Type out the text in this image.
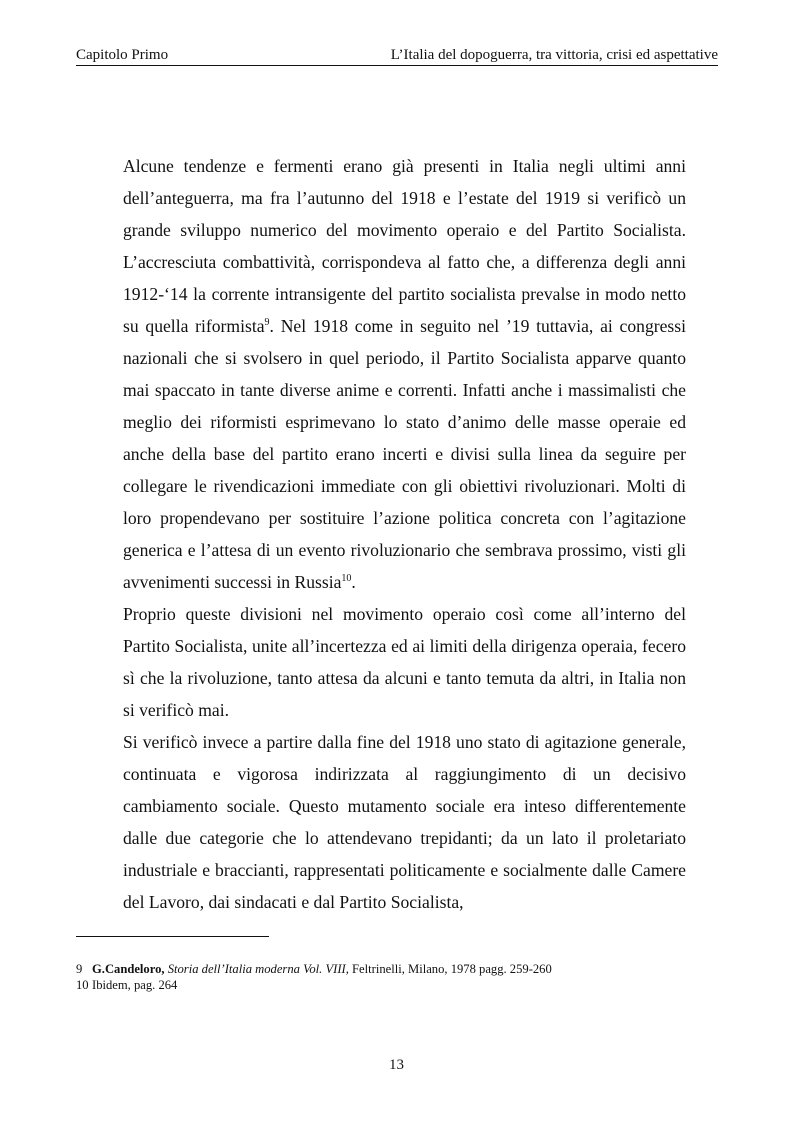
Capitolo Primo	L’Italia del dopoguerra, tra vittoria, crisi ed aspettative

Alcune tendenze e fermenti erano già presenti in Italia negli ultimi anni dell’anteguerra, ma fra l’autunno del 1918 e l’estate del 1919 si verificò un grande sviluppo numerico del movimento operaio e del Partito Socialista. L’accresciuta combattività, corrispondeva al fatto che, a differenza degli anni 1912-‘14 la corrente intransigente del partito socialista prevalse in modo netto su quella riformista$^9$. Nel 1918 come in seguito nel ’19 tuttavia, ai congressi nazionali che si svolsero in quel periodo, il Partito Socialista apparve quanto mai spaccato in tante diverse anime e correnti. Infatti anche i massimalisti che meglio dei riformisti esprimevano lo stato d’animo delle masse operaie ed anche della base del partito erano incerti e divisi sulla linea da seguire per collegare le rivendicazioni immediate con gli obiettivi rivoluzionari. Molti di loro propendevano per sostituire l’azione politica concreta con l’agitazione generica e l’attesa di un evento rivoluzionario che sembrava prossimo, visti gli avvenimenti successi in Russia$^{10}$.

Proprio queste divisioni nel movimento operaio così come all’interno del Partito Socialista, unite all’incertezza ed ai limiti della dirigenza operaia, fecero sì che la rivoluzione, tanto attesa da alcuni e tanto temuta da altri, in Italia non si verificò mai.

Si verificò invece a partire dalla fine del 1918 uno stato di agitazione generale, continuata e vigorosa indirizzata al raggiungimento di un decisivo cambiamento sociale. Questo mutamento sociale era inteso differentemente dalle due categorie che lo attendevano trepidanti; da un lato il proletariato industriale e braccianti, rappresentati politicamente e socialmente dalle Camere del Lavoro, dai sindacati e dal Partito Socialista,

9 G.Candeloro, Storia dell’Italia moderna Vol. VIII, Feltrinelli, Milano, 1978 pagg. 259-260
10 Ibidem, pag. 264
13
